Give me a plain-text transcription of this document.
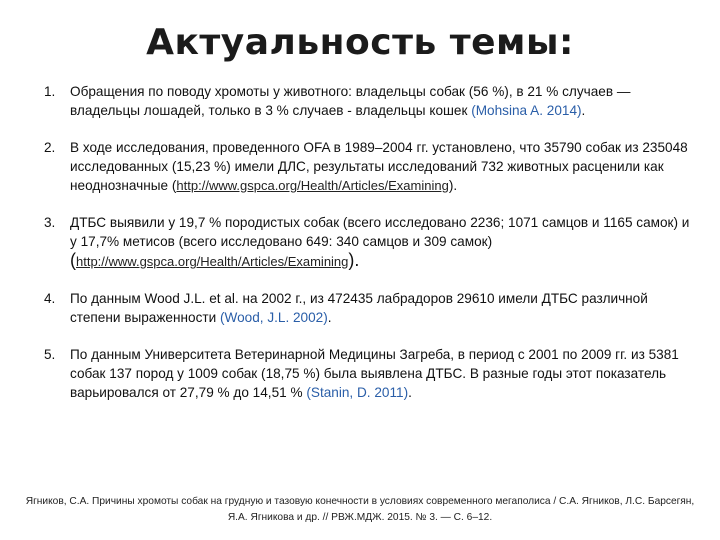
Актуальность темы:
1. Обращения по поводу хромоты у животного: владельцы собак (56 %), в 21 % случаев — владельцы лошадей, только в 3 % случаев - владельцы кошек (Mohsina A. 2014).
2. В ходе исследования, проведенного OFA в 1989–2004 гг. установлено, что 35790 собак из 235048 исследованных (15,23 %) имели ДЛС, результаты исследований 732 животных расценили как неоднозначные (http://www.gspca.org/Health/Articles/Examining).
3. ДТБС выявили у 19,7 % породистых собак (всего исследовано 2236; 1071 самцов и 1165 самок) и у 17,7% метисов (всего исследовано 649: 340 самцов и 309 самок) (http://www.gspca.org/Health/Articles/Examining).
4. По данным Wood J.L. et al. на 2002 г., из 472435 лабрадоров 29610 имели ДТБС различной степени выраженности (Wood, J.L. 2002).
5. По данным Университета Ветеринарной Медицины Загреба, в период с 2001 по 2009 гг. из 5381 собак 137 пород у 1009 собак (18,75 %) была выявлена ДТБС. В разные годы этот показатель варьировался от 27,79 % до 14,51 % (Stanin, D. 2011).
Ягников, С.А. Причины хромоты собак на грудную и тазовую конечности в условиях современного мегаполиса / С.А. Ягников, Л.С. Барсегян, Я.А. Ягникова и др. // РВЖ.МДЖ. 2015. № 3. — С. 6–12.
